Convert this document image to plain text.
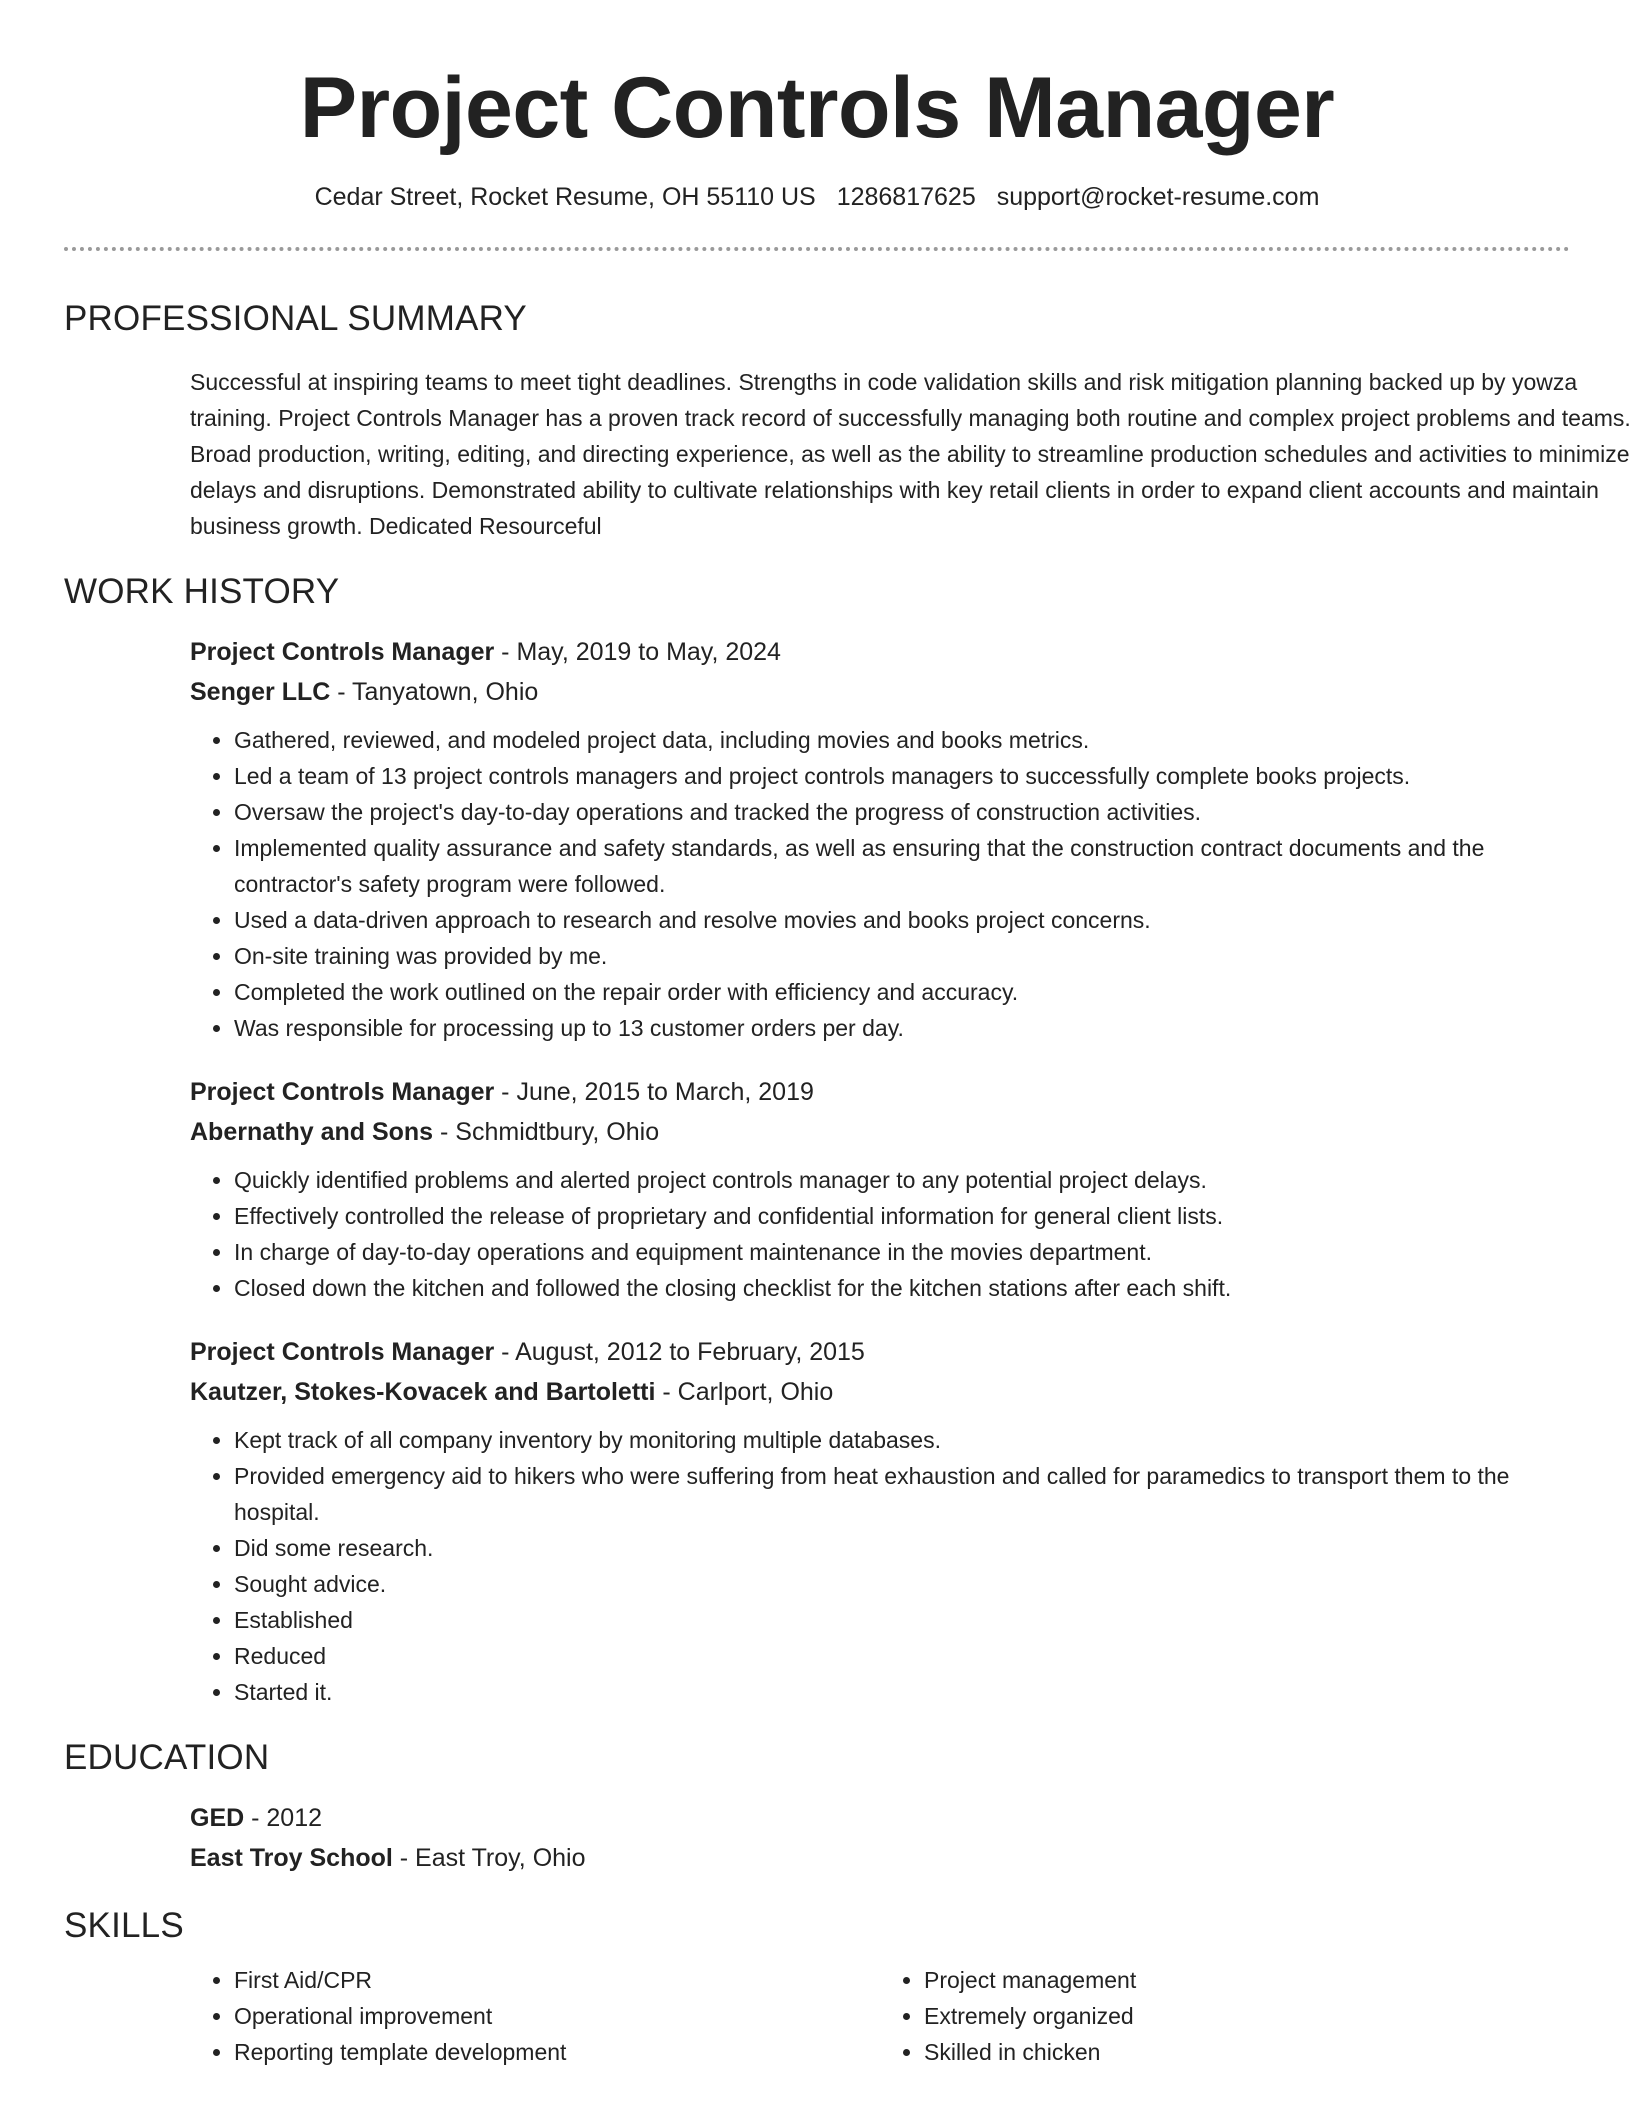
Project Controls Manager
Cedar Street, Rocket Resume, OH 55110 US 1286817625 support@rocket-resume.com
PROFESSIONAL SUMMARY
Successful at inspiring teams to meet tight deadlines. Strengths in code validation skills and risk mitigation planning backed up by yowza training. Project Controls Manager has a proven track record of successfully managing both routine and complex project problems and teams. Broad production, writing, editing, and directing experience, as well as the ability to streamline production schedules and activities to minimize delays and disruptions. Demonstrated ability to cultivate relationships with key retail clients in order to expand client accounts and maintain business growth. Dedicated Resourceful
WORK HISTORY
Project Controls Manager - May, 2019 to May, 2024
Senger LLC - Tanyatown, Ohio
• Gathered, reviewed, and modeled project data, including movies and books metrics.
• Led a team of 13 project controls managers and project controls managers to successfully complete books projects.
• Oversaw the project's day-to-day operations and tracked the progress of construction activities.
• Implemented quality assurance and safety standards, as well as ensuring that the construction contract documents and the contractor's safety program were followed.
• Used a data-driven approach to research and resolve movies and books project concerns.
• On-site training was provided by me.
• Completed the work outlined on the repair order with efficiency and accuracy.
• Was responsible for processing up to 13 customer orders per day.
Project Controls Manager - June, 2015 to March, 2019
Abernathy and Sons - Schmidtbury, Ohio
• Quickly identified problems and alerted project controls manager to any potential project delays.
• Effectively controlled the release of proprietary and confidential information for general client lists.
• In charge of day-to-day operations and equipment maintenance in the movies department.
• Closed down the kitchen and followed the closing checklist for the kitchen stations after each shift.
Project Controls Manager - August, 2012 to February, 2015
Kautzer, Stokes-Kovacek and Bartoletti - Carlport, Ohio
• Kept track of all company inventory by monitoring multiple databases.
• Provided emergency aid to hikers who were suffering from heat exhaustion and called for paramedics to transport them to the hospital.
• Did some research.
• Sought advice.
• Established
• Reduced
• Started it.
EDUCATION
GED - 2012
East Troy School - East Troy, Ohio
SKILLS
• First Aid/CPR
• Operational improvement
• Reporting template development
• Project management
• Extremely organized
• Skilled in chicken
